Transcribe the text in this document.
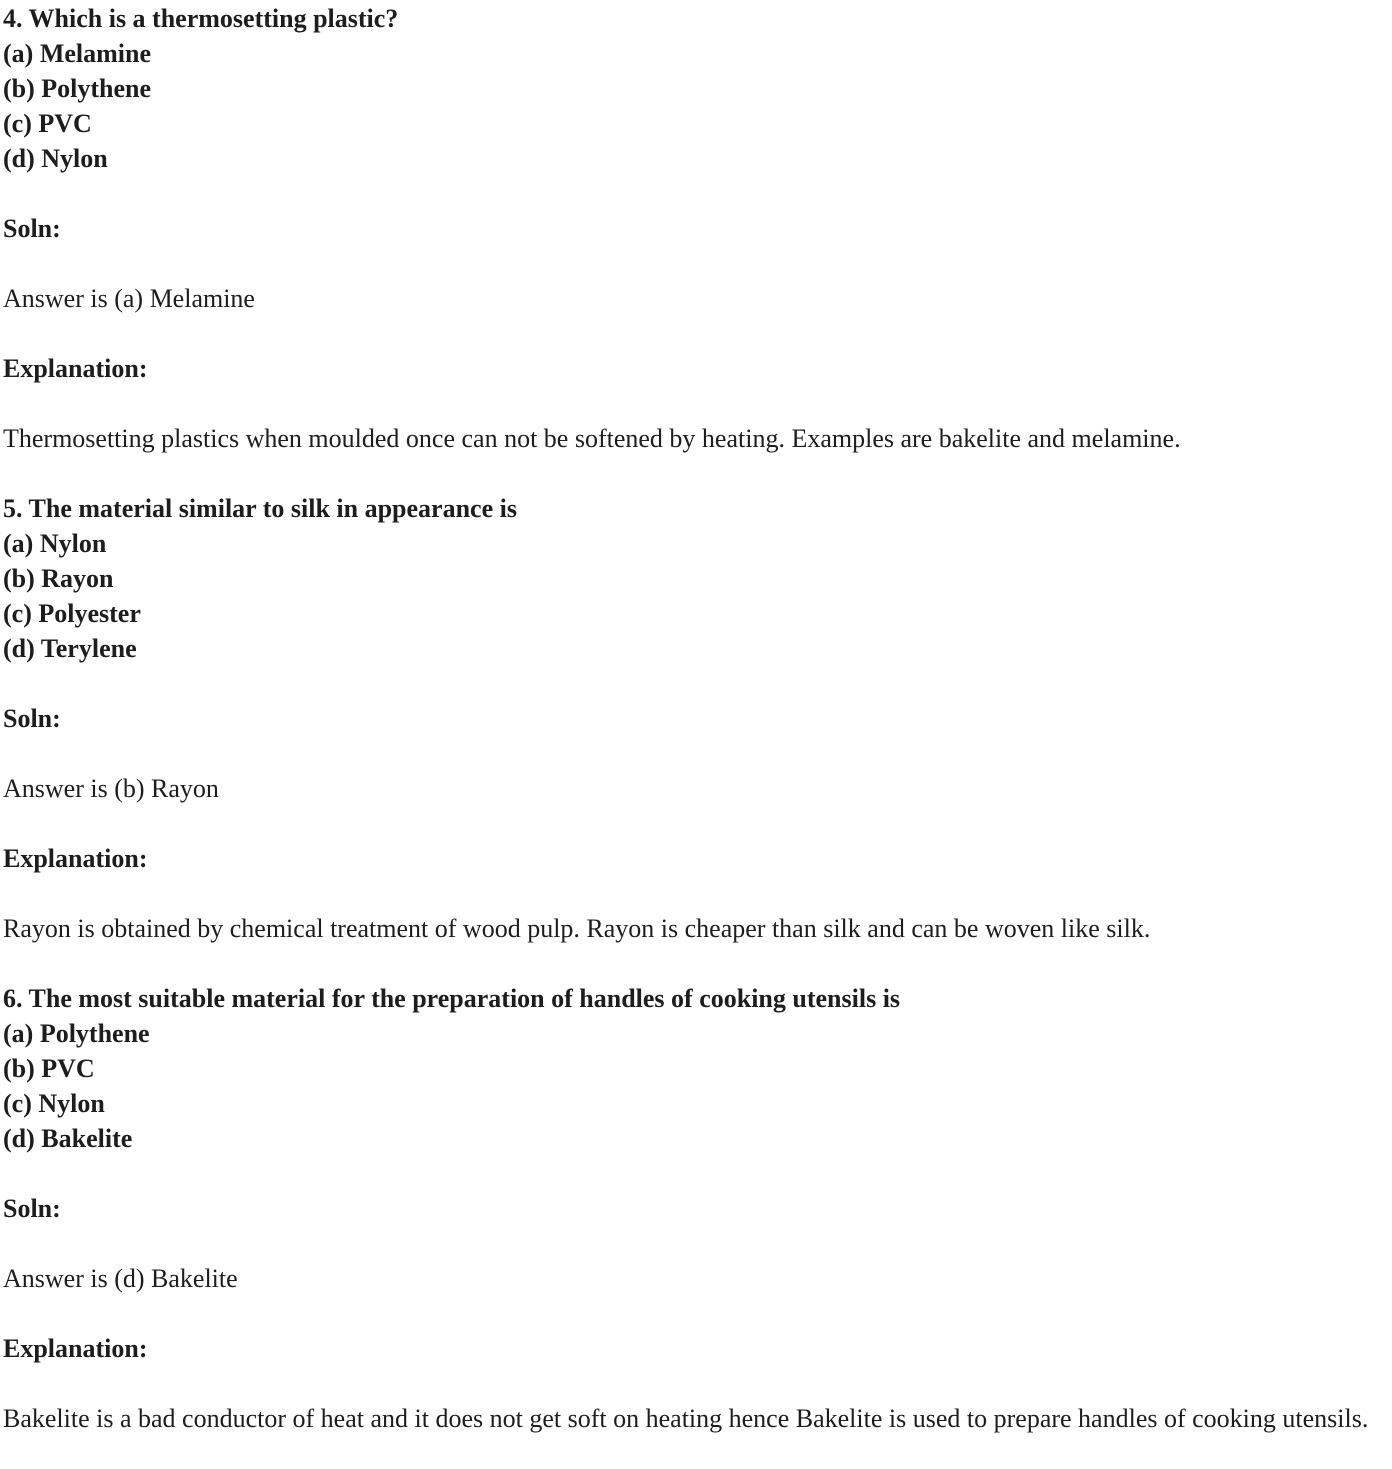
4. Which is a thermosetting plastic?
(a) Melamine
(b) Polythene
(c) PVC
(d) Nylon
Soln:
Answer is (a) Melamine
Explanation:
Thermosetting plastics when moulded once can not be softened by heating. Examples are bakelite and melamine.
5. The material similar to silk in appearance is
(a) Nylon
(b) Rayon
(c) Polyester
(d) Terylene
Soln:
Answer is (b) Rayon
Explanation:
Rayon is obtained by chemical treatment of wood pulp. Rayon is cheaper than silk and can be woven like silk.
6. The most suitable material for the preparation of handles of cooking utensils is
(a) Polythene
(b) PVC
(c) Nylon
(d) Bakelite
Soln:
Answer is (d) Bakelite
Explanation:
Bakelite is a bad conductor of heat and it does not get soft on heating hence Bakelite is used to prepare handles of cooking utensils.
